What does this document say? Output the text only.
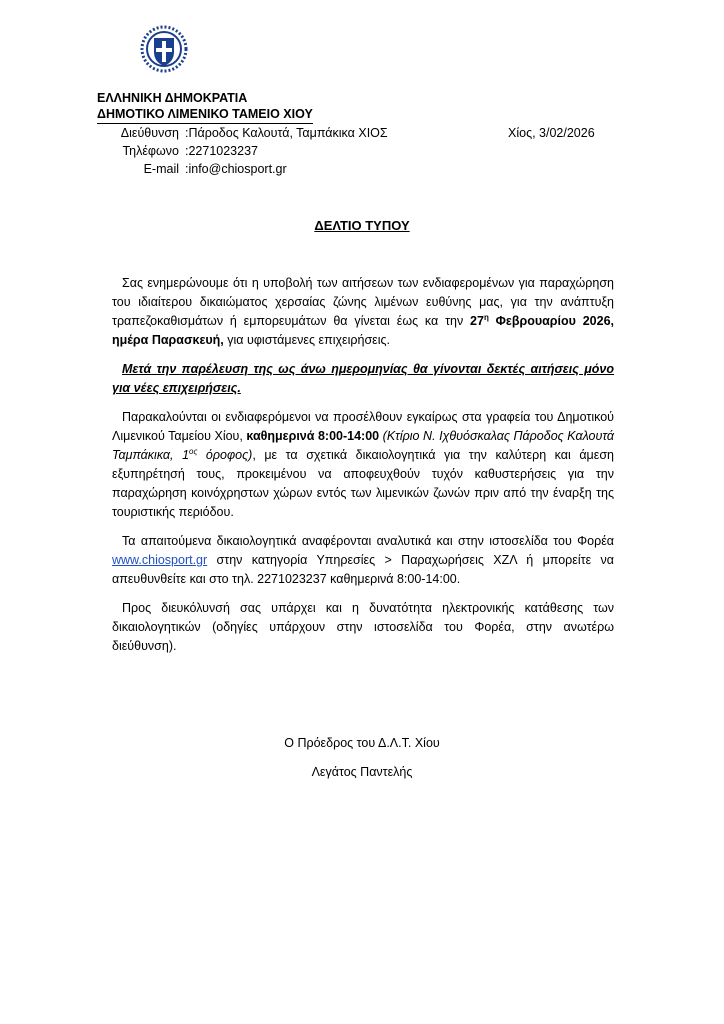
ΕΛΛΗΝΙΚΗ ΔΗΜΟΚΡΑΤΙΑ
ΔΗΜΟΤΙΚΟ ΛΙΜΕΝΙΚΟ ΤΑΜΕΙΟ ΧΙΟΥ
Διεύθυνση :Πάροδος Καλουτά, Ταμπάκικα ΧΙΟΣ
Τηλέφωνο :2271023237
E-mail :info@chiosport.gr
Χίος, 3/02/2026
ΔΕΛΤΙΟ ΤΥΠΟΥ

Σας ενημερώνουμε ότι η υποβολή των αιτήσεων των ενδιαφερομένων για παραχώρηση του ιδιαίτερου δικαιώματος χερσαίας ζώνης λιμένων ευθύνης μας, για την ανάπτυξη τραπεζοκαθισμάτων ή εμπορευμάτων θα γίνεται έως κα την $27^\eta$ Φεβρουαρίου 2026, ημέρα Παρασκευή, για υφιστάμενες επιχειρήσεις.

Μετά την παρέλευση της ως άνω ημερομηνίας θα γίνονται δεκτές αιτήσεις μόνο για νέες επιχειρήσεις.

Παρακαλούνται οι ενδιαφερόμενοι να προσέλθουν εγκαίρως στα γραφεία του Δημοτικού Λιμενικού Ταμείου Χίου, καθημερινά 8:00-14:00 (Κτίριο Ν. Ιχθυόσκαλας Πάροδος Καλουτά Ταμπάκικα, $1^{o\varsigma}$ όροφος), με τα σχετικά δικαιολογητικά για την καλύτερη και άμεση εξυπηρέτησή τους, προκειμένου να αποφευχθούν τυχόν καθυστερήσεις για την παραχώρηση κοινόχρηστων χώρων εντός των λιμενικών ζωνών πριν από την έναρξη της τουριστικής περιόδου.

Τα απαιτούμενα δικαιολογητικά αναφέρονται αναλυτικά και στην ιστοσελίδα του Φορέα www.chiosport.gr στην κατηγορία Υπηρεσίες > Παραχωρήσεις ΧΖΛ ή μπορείτε να απευθυνθείτε και στο τηλ. 2271023237 καθημερινά 8:00-14:00.

Προς διευκόλυνσή σας υπάρχει και η δυνατότητα ηλεκτρονικής κατάθεσης των δικαιολογητικών (οδηγίες υπάρχουν στην ιστοσελίδα του Φορέα, στην ανωτέρω διεύθυνση).

Ο Πρόεδρος του Δ.Λ.Τ. Χίου
Λεγάτος Παντελής
